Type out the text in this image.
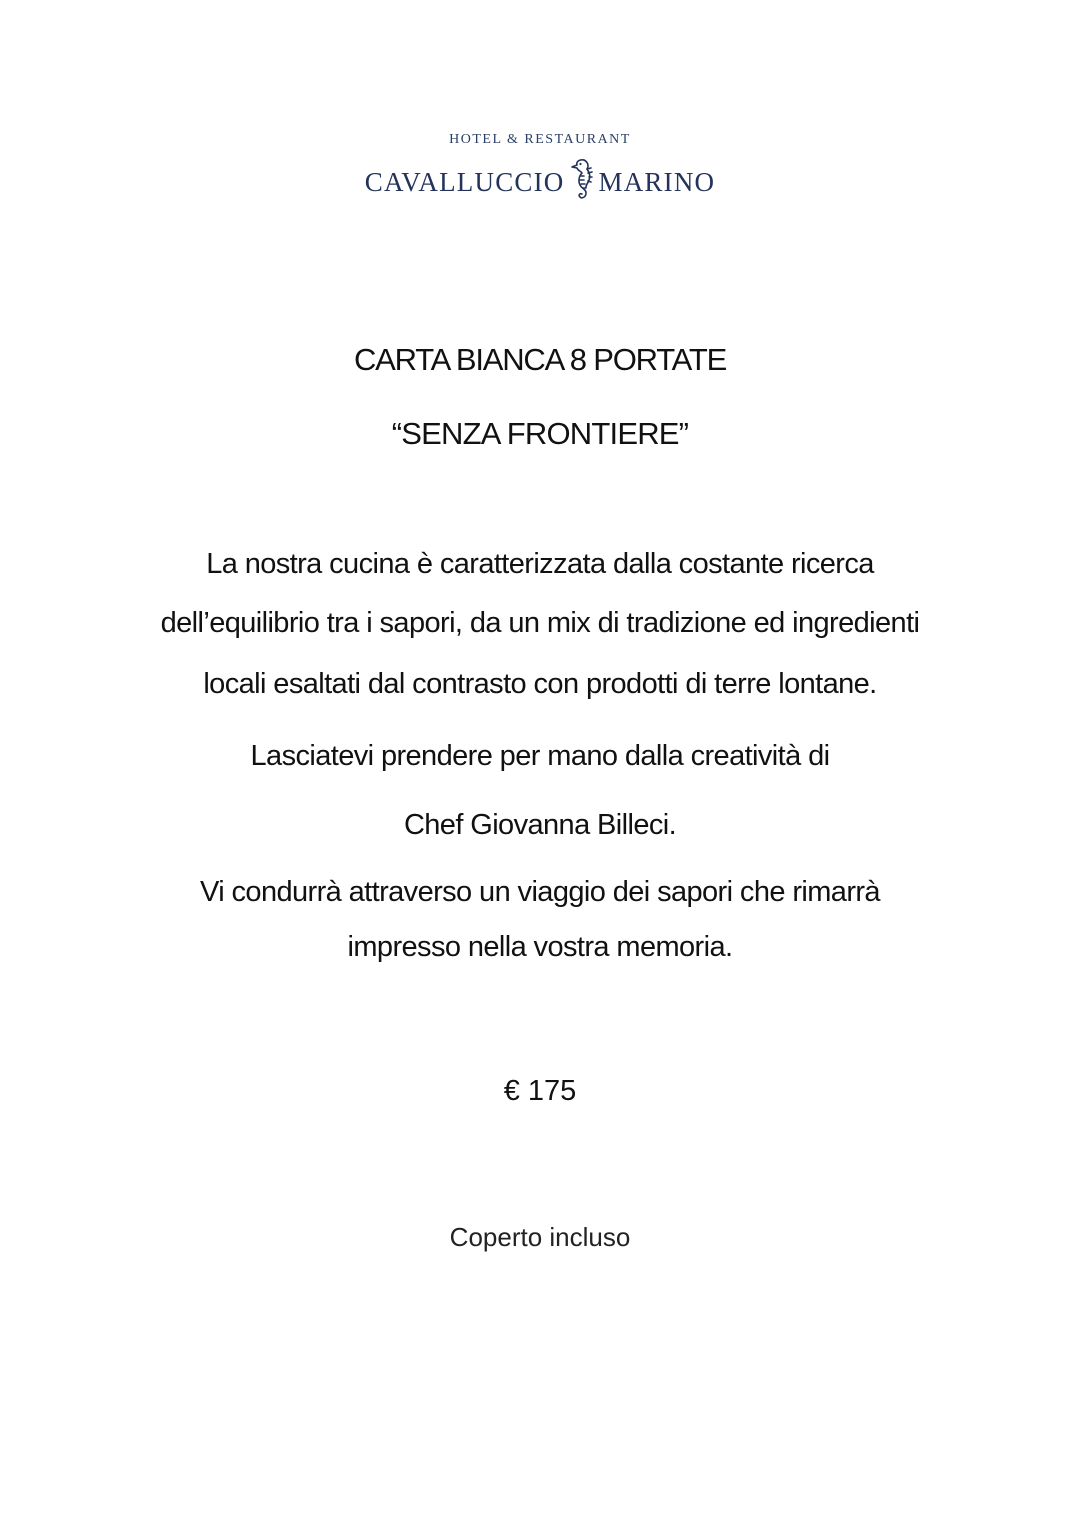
HOTEL & RESTAURANT
CAVALLUCCIO MARINO
CARTA BIANCA 8 PORTATE
“SENZA FRONTIERE”
La nostra cucina è caratterizzata dalla costante ricerca
dell’equilibrio tra i sapori, da un mix di tradizione ed ingredienti
locali esaltati dal contrasto con prodotti di terre lontane.
Lasciatevi prendere per mano dalla creatività di
Chef Giovanna Billeci.
Vi condurrà attraverso un viaggio dei sapori che rimarrà
impresso nella vostra memoria.
€ 175
Coperto incluso
